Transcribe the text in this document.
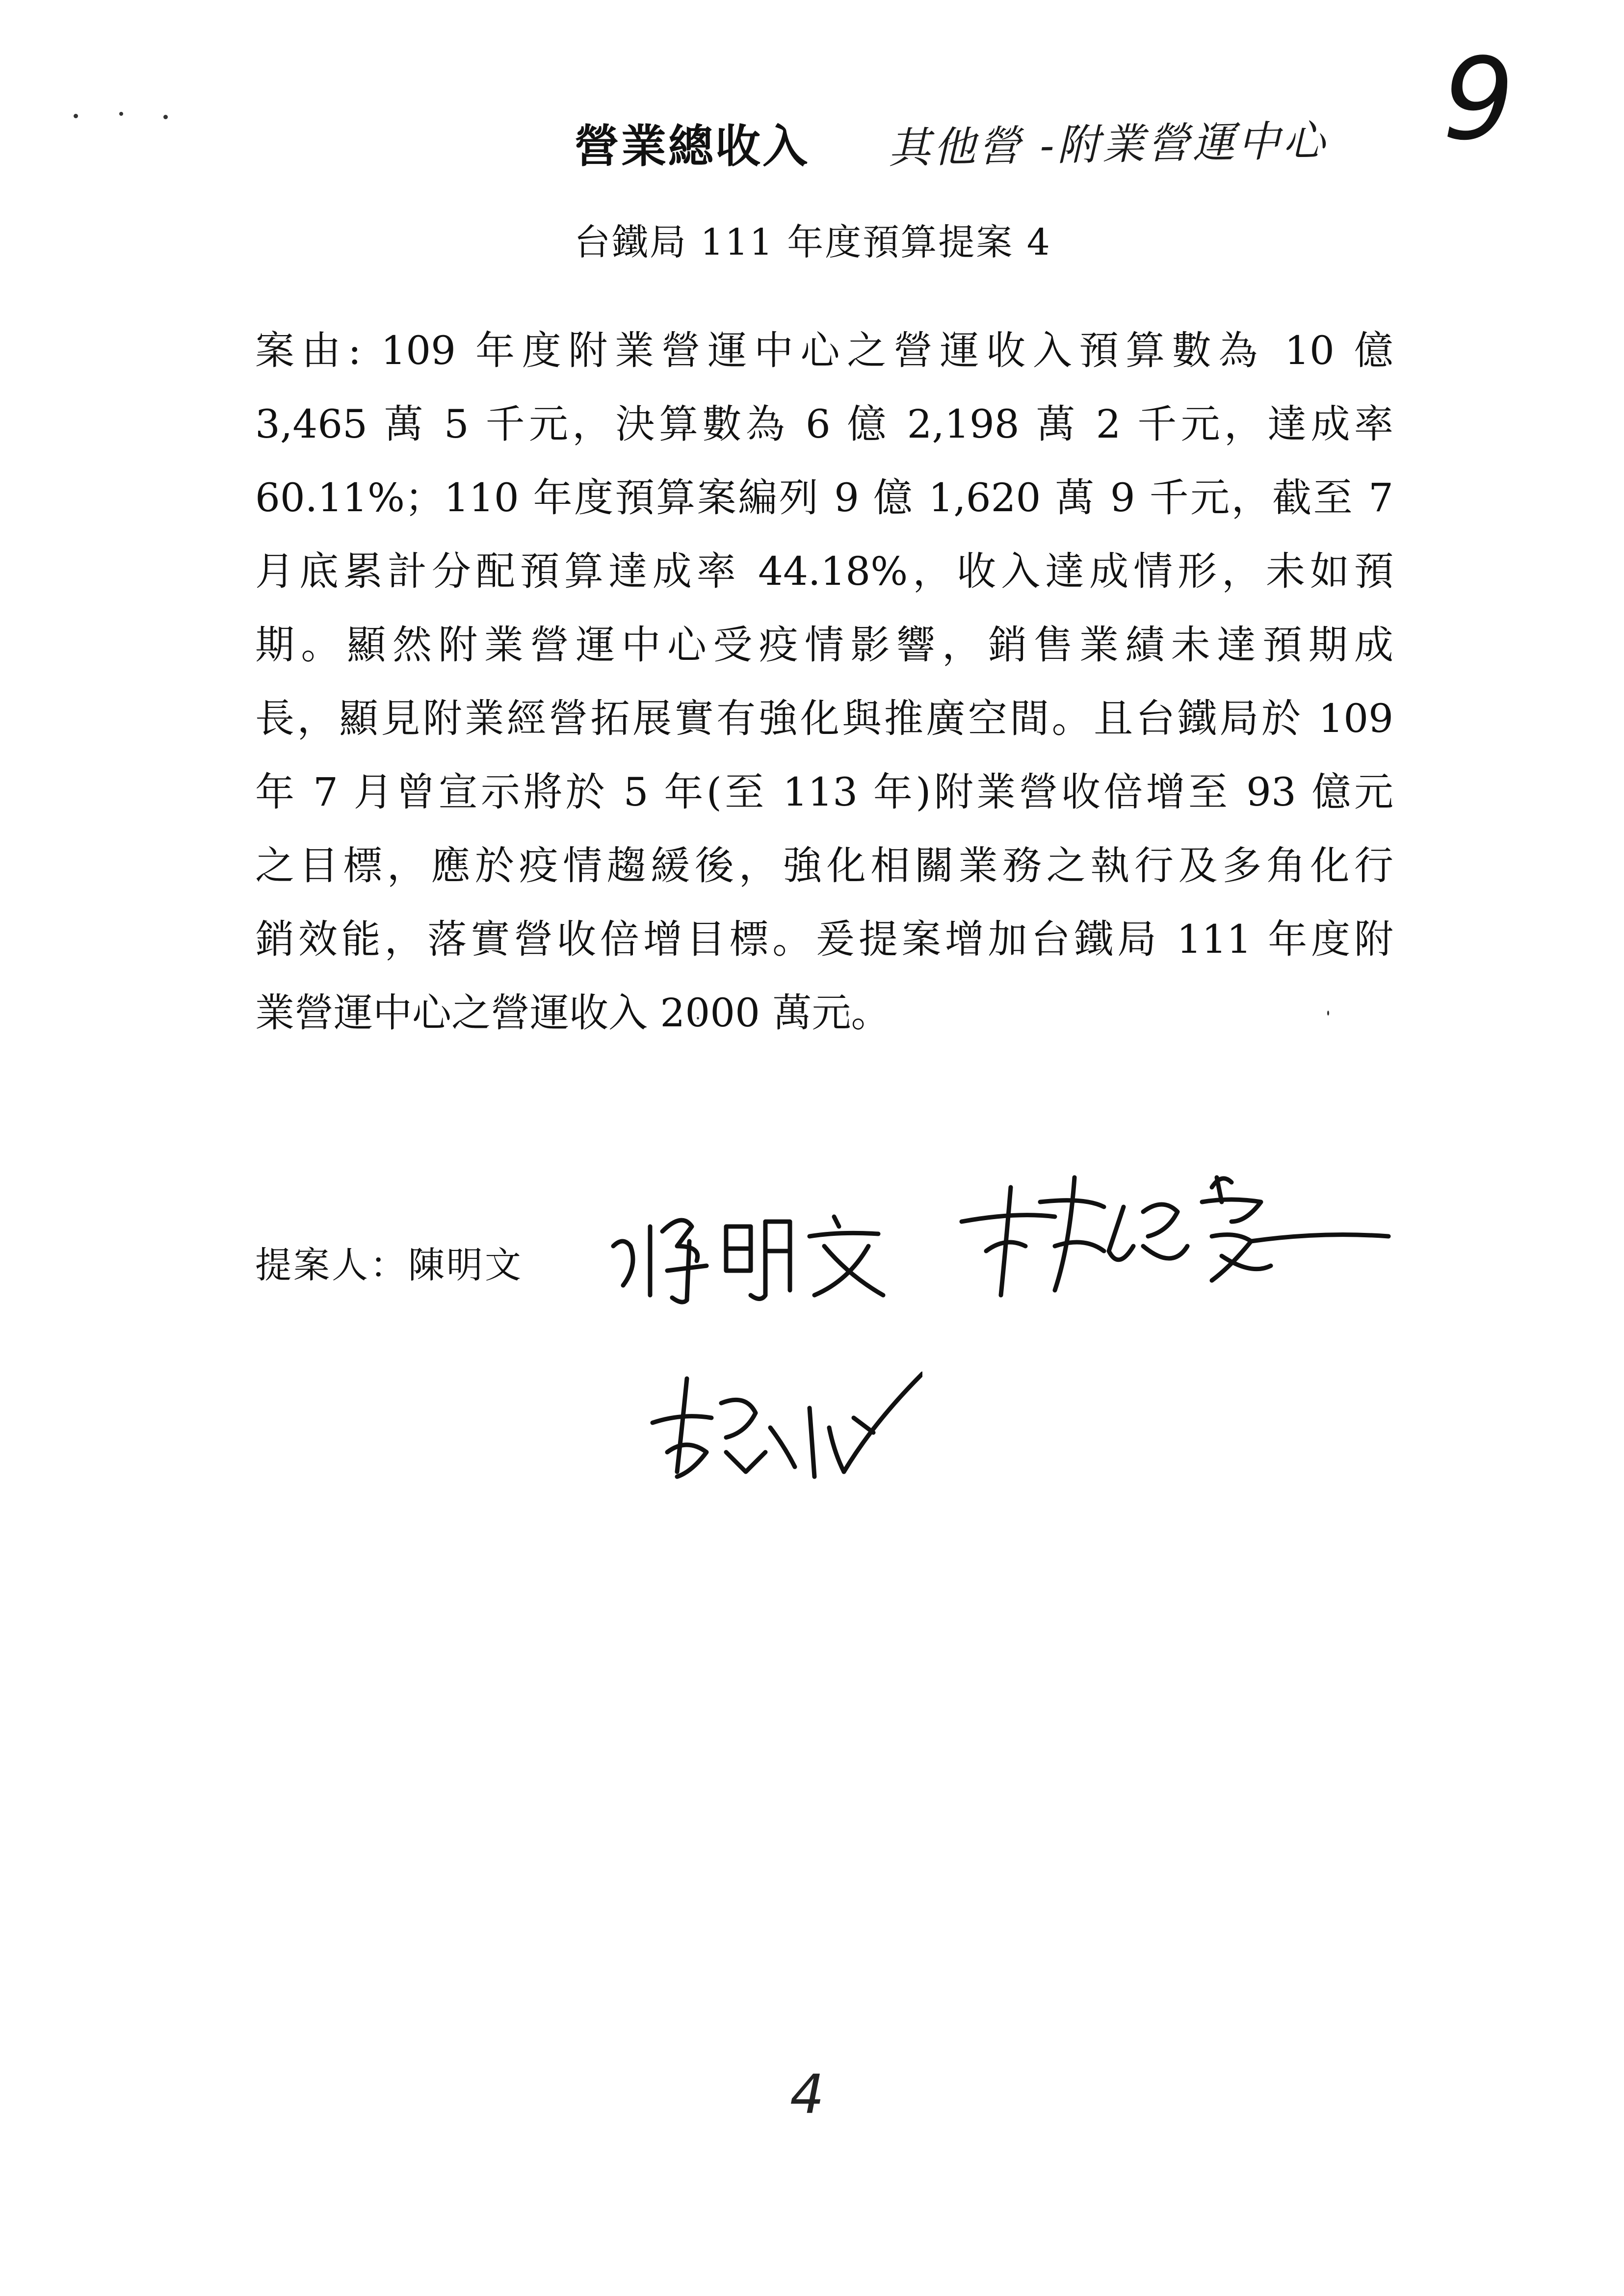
營業總收入 其他營 -附業營運中心 9
台鐵局 111 年度預算提案 4
案由: 109 年度附業營運中心之營運收入預算數為 10 億
3,465 萬 5 千元，決算數為 6 億 2,198 萬 2 千元，達成率
60.11%；110 年度預算案編列 9 億 1,620 萬 9 千元，截至 7
月底累計分配預算達成率 44.18%，收入達成情形，未如預
期。顯然附業營運中心受疫情影響，銷售業績未達預期成
長，顯見附業經營拓展實有強化與推廣空間。且台鐵局於 109
年 7 月曾宣示將於 5 年(至 113 年)附業營收倍增至 93 億元
之目標，應於疫情趨緩後，強化相關業務之執行及多角化行
銷效能，落實營收倍增目標。爰提案增加台鐵局 111 年度附
業營運中心之營運收入 2000 萬元。
提案人：陳明文
4
